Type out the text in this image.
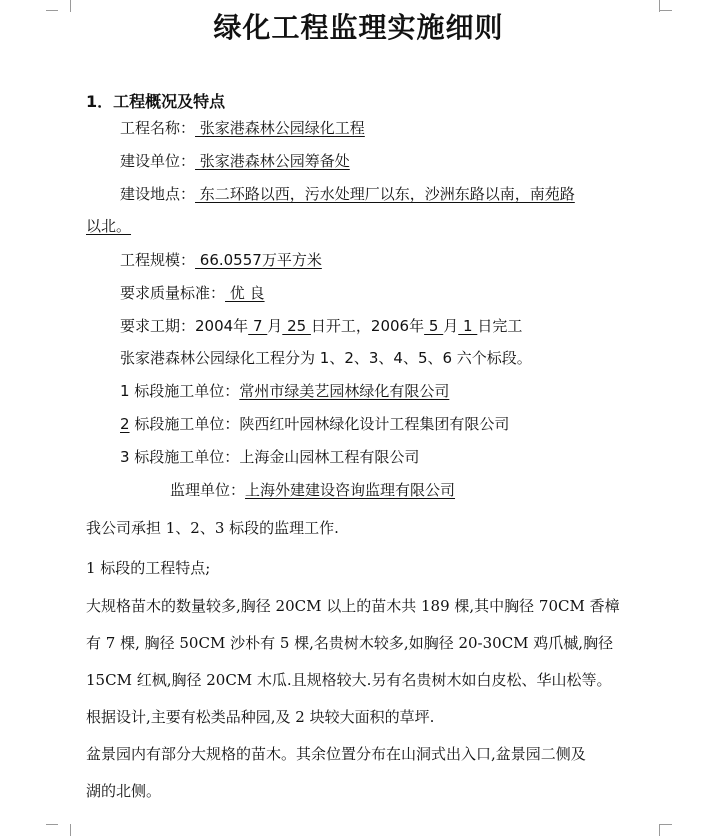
绿化工程监理实施细则
1．工程概况及特点
工程名称： 张家港森林公园绿化工程
建设单位： 张家港森林公园筹备处
建设地点： 东二环路以西，污水处理厂以东，沙洲东路以南，南苑路
以北。
工程规模： 66.0557万平方米
要求质量标准： 优 良
要求工期：2004年 7 月 25 日开工，2006年 5 月 1 日完工
张家港森林公园绿化工程分为 1、2、3、4、5、6 六个标段。
1 标段施工单位：常州市绿美艺园林绿化有限公司
2 标段施工单位：陕西红叶园林绿化设计工程集团有限公司
3 标段施工单位：上海金山园林工程有限公司
监理单位：上海外建建设咨询监理有限公司
我公司承担 1、2、3 标段的监理工作.
1 标段的工程特点;
大规格苗木的数量较多,胸径 20CM 以上的苗木共 189 棵,其中胸径 70CM 香樟
有 7 棵, 胸径 50CM 沙朴有 5 棵,名贵树木较多,如胸径 20-30CM 鸡爪槭,胸径
15CM 红枫,胸径 20CM 木瓜.且规格较大.另有名贵树木如白皮松、华山松等。
根据设计,主要有松类品种园,及 2 块较大面积的草坪.
盆景园内有部分大规格的苗木。其余位置分布在山洞式出入口,盆景园二侧及
湖的北侧。
